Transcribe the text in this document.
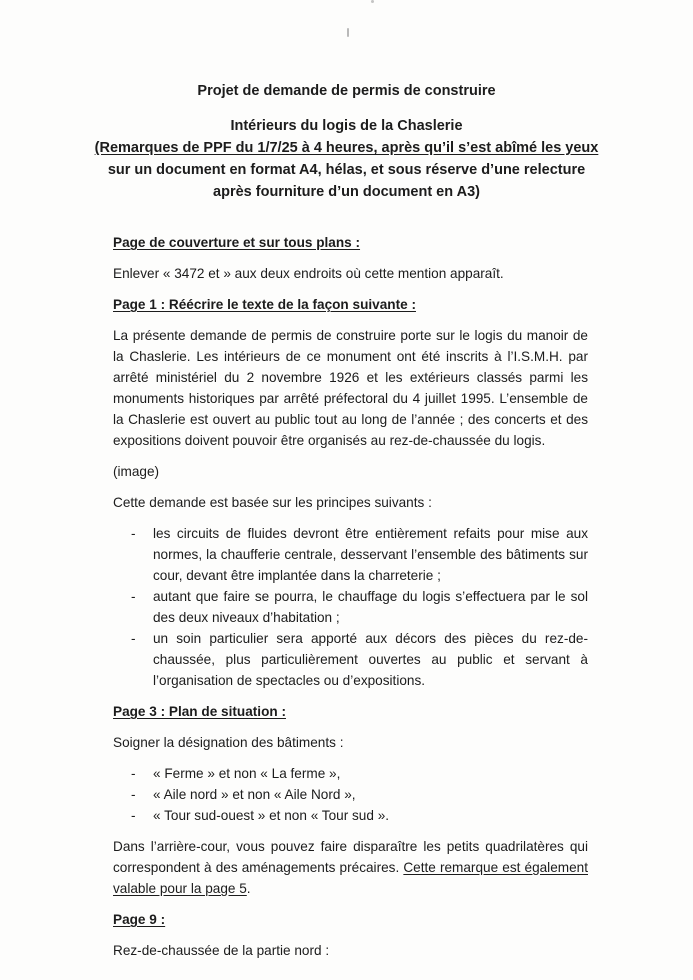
Projet de demande de permis de construire
Intérieurs du logis de la Chaslerie
(Remarques de PPF du 1/7/25 à 4 heures, après qu’il s’est abîmé les yeux
sur un document en format A4, hélas, et sous réserve d’une relecture
après fourniture d’un document en A3)
Page de couverture et sur tous plans :

Enlever « 3472 et » aux deux endroits où cette mention apparaît.

Page 1 : Réécrire le texte de la façon suivante :

La présente demande de permis de construire porte sur le logis du manoir de la Chaslerie. Les intérieurs de ce monument ont été inscrits à l’I.S.M.H. par arrêté ministériel du 2 novembre 1926 et les extérieurs classés parmi les monuments historiques par arrêté préfectoral du 4 juillet 1995. L’ensemble de la Chaslerie est ouvert au public tout au long de l’année ; des concerts et des expositions doivent pouvoir être organisés au rez-de-chaussée du logis.

(image)

Cette demande est basée sur les principes suivants :

- les circuits de fluides devront être entièrement refaits pour mise aux normes, la chaufferie centrale, desservant l’ensemble des bâtiments sur cour, devant être implantée dans la charreterie ;
- autant que faire se pourra, le chauffage du logis s’effectuera par le sol des deux niveaux d’habitation ;
- un soin particulier sera apporté aux décors des pièces du rez-de-chaussée, plus particulièrement ouvertes au public et servant à l’organisation de spectacles ou d’expositions.
Page 3 : Plan de situation :

Soigner la désignation des bâtiments :

- « Ferme » et non « La ferme »,
- « Aile nord » et non « Aile Nord »,
- « Tour sud-ouest » et non « Tour sud ».

Dans l’arrière-cour, vous pouvez faire disparaître les petits quadrilatères qui correspondent à des aménagements précaires. Cette remarque est également valable pour la page 5.

Page 9 :

Rez-de-chaussée de la partie nord :
